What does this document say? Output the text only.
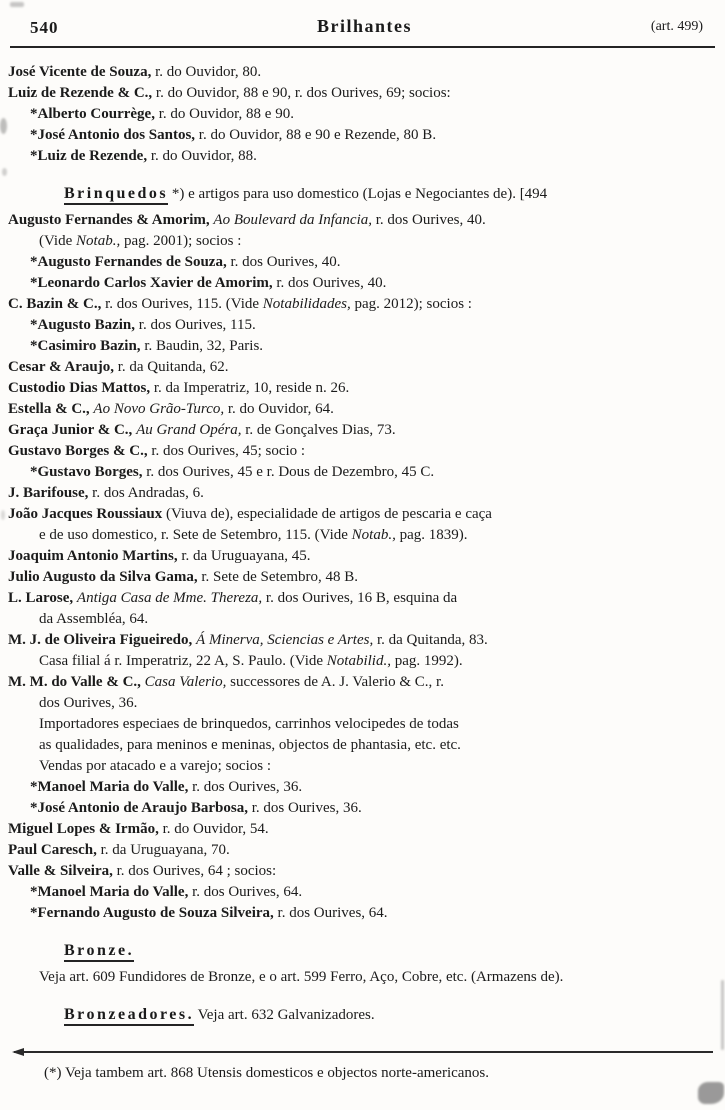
540	Brilhantes	(art. 499)
José Vicente de Souza, r. do Ouvidor, 80.
Luiz de Rezende & C., r. do Ouvidor, 88 e 90, r. dos Ourives, 69; socios:
*Alberto Courrège, r. do Ouvidor, 88 e 90.
*José Antonio dos Santos, r. do Ouvidor, 88 e 90 e Rezende, 80 B.
*Luiz de Rezende, r. do Ouvidor, 88.
Brinquedos *) e artigos para uso domestico (Lojas e Negociantes de). [494
Augusto Fernandes & Amorim, Ao Boulevard da Infancia, r. dos Ourives, 40.
(Vide Notab., pag. 2001); socios :
*Augusto Fernandes de Souza, r. dos Ourives, 40.
*Leonardo Carlos Xavier de Amorim, r. dos Ourives, 40.
C. Bazin & C., r. dos Ourives, 115. (Vide Notabilidades, pag. 2012); socios :
*Augusto Bazin, r. dos Ourives, 115.
*Casimiro Bazin, r. Baudin, 32, Paris.
Cesar & Araujo, r. da Quitanda, 62.
Custodio Dias Mattos, r. da Imperatriz, 10, reside n. 26.
Estella & C., Ao Novo Grão-Turco, r. do Ouvidor, 64.
Graça Junior & C., Au Grand Opéra, r. de Gonçalves Dias, 73.
Gustavo Borges & C., r. dos Ourives, 45; socio :
*Gustavo Borges, r. dos Ourives, 45 e r. Dous de Dezembro, 45 C.
J. Barifouse, r. dos Andradas, 6.
João Jacques Roussiaux (Viuva de), especialidade de artigos de pescaria e caça
e de uso domestico, r. Sete de Setembro, 115. (Vide Notab., pag. 1839).
Joaquim Antonio Martins, r. da Uruguayana, 45.
Julio Augusto da Silva Gama, r. Sete de Setembro, 48 B.
L. Larose, Antiga Casa de Mme. Thereza, r. dos Ourives, 16 B, esquina da
da Assembléa, 64.
M. J. de Oliveira Figueiredo, Á Minerva, Sciencias e Artes, r. da Quitanda, 83.
Casa filial á r. Imperatriz, 22 A, S. Paulo. (Vide Notabilid., pag. 1992).
M. M. do Valle & C., Casa Valerio, successores de A. J. Valerio & C., r.
dos Ourives, 36.
Importadores especiaes de brinquedos, carrinhos velocipedes de todas
as qualidades, para meninos e meninas, objectos de phantasia, etc. etc.
Vendas por atacado e a varejo; socios :
*Manoel Maria do Valle, r. dos Ourives, 36.
*José Antonio de Araujo Barbosa, r. dos Ourives, 36.
Miguel Lopes & Irmão, r. do Ouvidor, 54.
Paul Caresch, r. da Uruguayana, 70.
Valle & Silveira, r. dos Ourives, 64 ; socios:
*Manoel Maria do Valle, r. dos Ourives, 64.
*Fernando Augusto de Souza Silveira, r. dos Ourives, 64.
Bronze.
Veja art. 609 Fundidores de Bronze, e o art. 599 Ferro, Aço, Cobre, etc. (Armazens de).
Bronzeadores. Veja art. 632 Galvanizadores.
(*) Veja tambem art. 868 Utensis domesticos e objectos norte-americanos.
